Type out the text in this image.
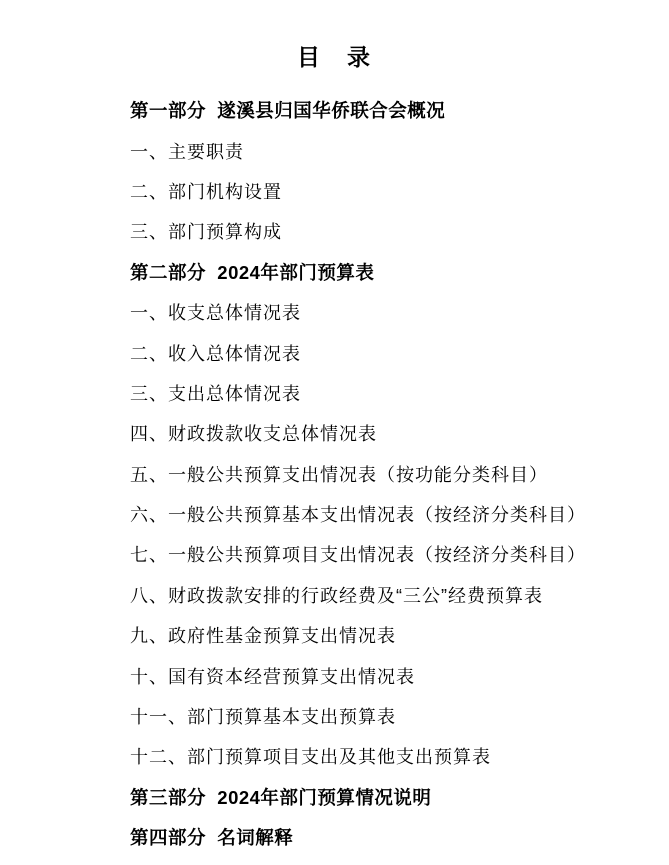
目　录
第一部分  遂溪县归国华侨联合会概况
一、主要职责
二、部门机构设置
三、部门预算构成
第二部分  2024年部门预算表
一、收支总体情况表
二、收入总体情况表
三、支出总体情况表
四、财政拨款收支总体情况表
五、一般公共预算支出情况表（按功能分类科目）
六、一般公共预算基本支出情况表（按经济分类科目）
七、一般公共预算项目支出情况表（按经济分类科目）
八、财政拨款安排的行政经费及“三公”经费预算表
九、政府性基金预算支出情况表
十、国有资本经营预算支出情况表
十一、部门预算基本支出预算表
十二、部门预算项目支出及其他支出预算表
第三部分  2024年部门预算情况说明
第四部分  名词解释
